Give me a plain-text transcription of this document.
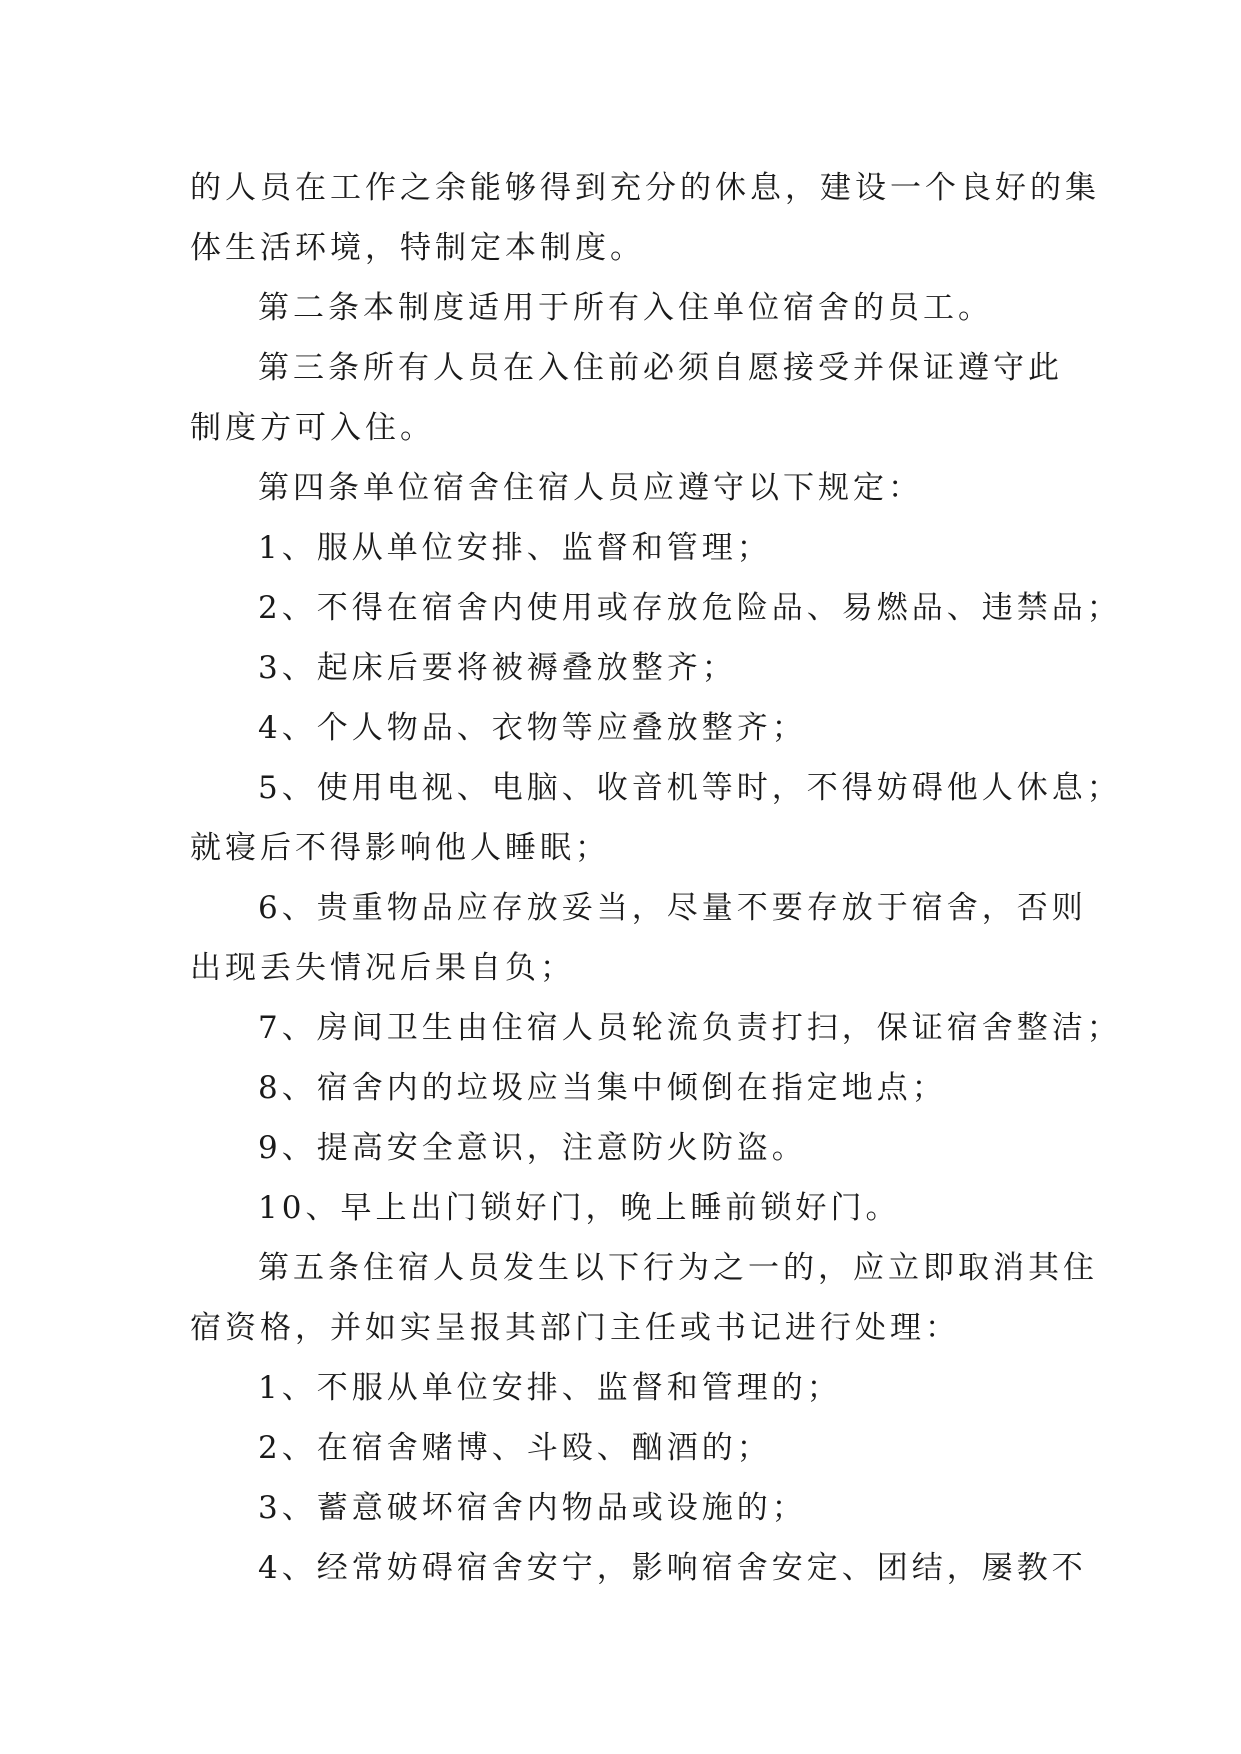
的人员在工作之余能够得到充分的休息，建设一个良好的集
体生活环境，特制定本制度。
第二条本制度适用于所有入住单位宿舍的员工。
第三条所有人员在入住前必须自愿接受并保证遵守此
制度方可入住。
第四条单位宿舍住宿人员应遵守以下规定：
1、服从单位安排、监督和管理；
2、不得在宿舍内使用或存放危险品、易燃品、违禁品；
3、起床后要将被褥叠放整齐；
4、个人物品、衣物等应叠放整齐；
5、使用电视、电脑、收音机等时，不得妨碍他人休息；
就寝后不得影响他人睡眠；
6、贵重物品应存放妥当，尽量不要存放于宿舍，否则
出现丢失情况后果自负；
7、房间卫生由住宿人员轮流负责打扫，保证宿舍整洁；
8、宿舍内的垃圾应当集中倾倒在指定地点；
9、提高安全意识，注意防火防盗。
10、早上出门锁好门，晚上睡前锁好门。
第五条住宿人员发生以下行为之一的，应立即取消其住
宿资格，并如实呈报其部门主任或书记进行处理：
1、不服从单位安排、监督和管理的；
2、在宿舍赌博、斗殴、酗酒的；
3、蓄意破坏宿舍内物品或设施的；
4、经常妨碍宿舍安宁，影响宿舍安定、团结，屡教不
